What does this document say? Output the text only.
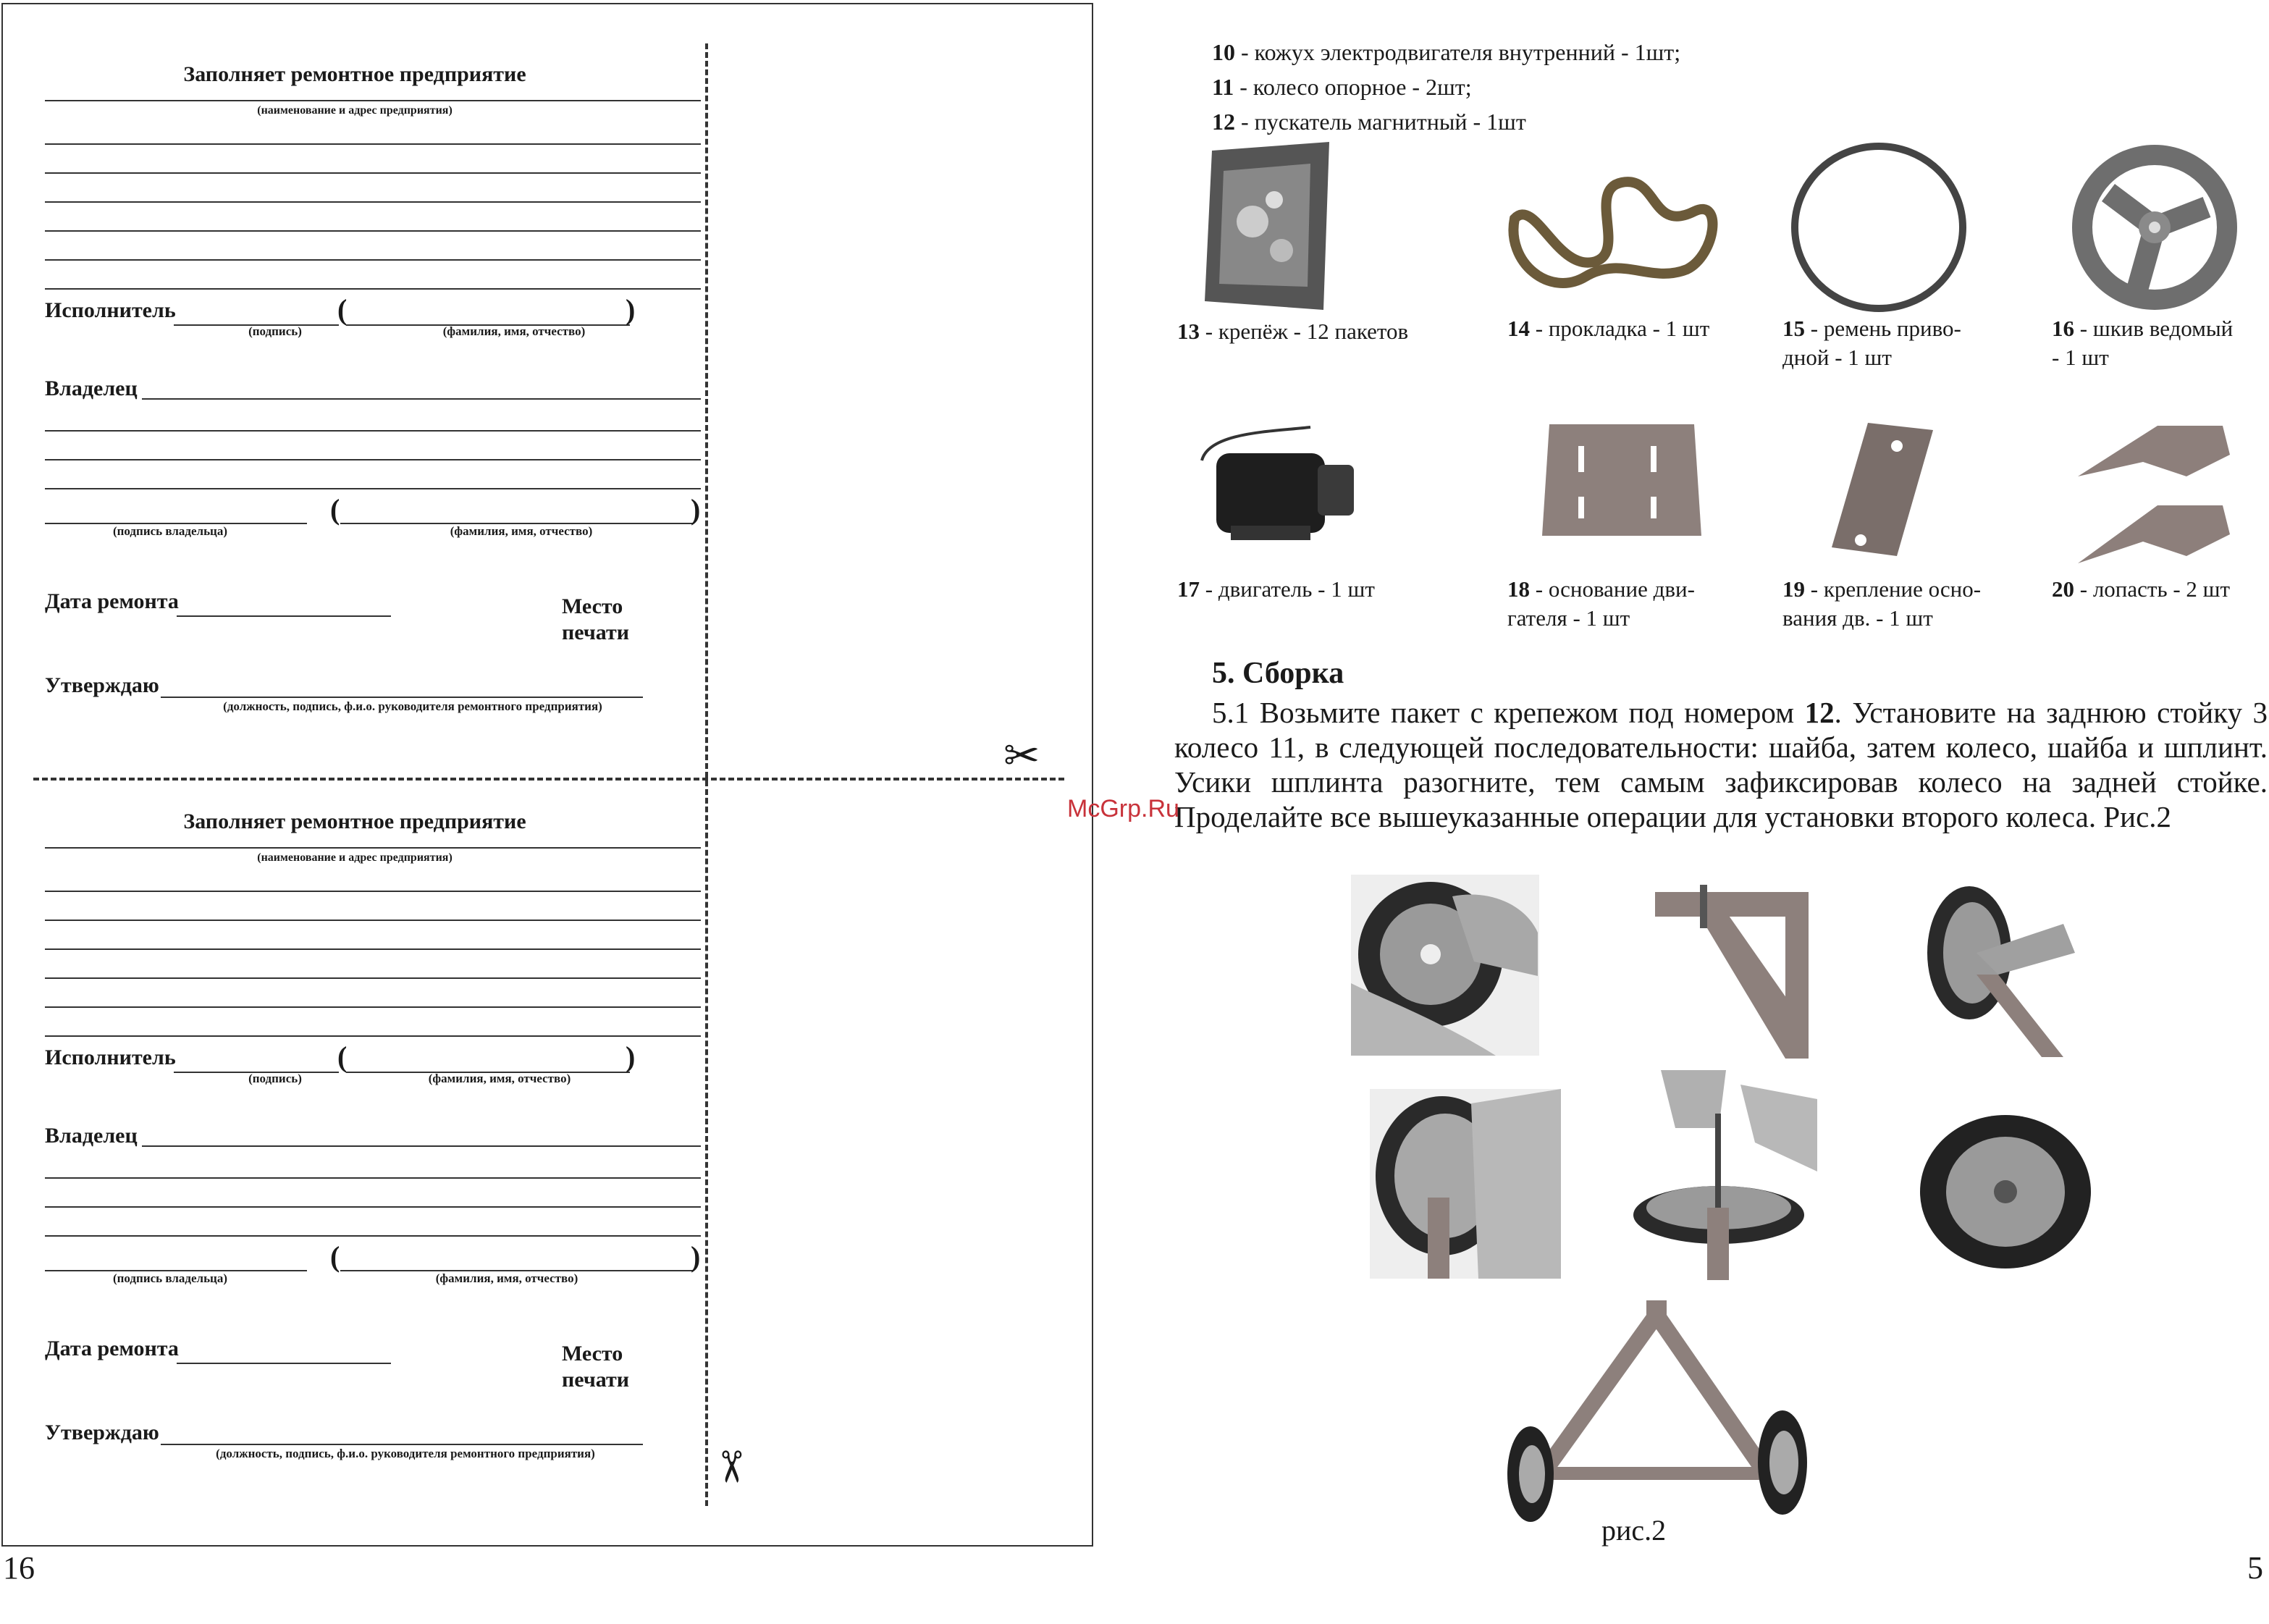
Заполняет ремонтное предприятие
(наименование и адрес предприятия)
Исполнитель	(	)
(подпись)	(фамилия, имя, отчество)
Владелец
(	)
(подпись владельца)	(фамилия, имя, отчество)
Дата ремонта	Место
печати
Утверждаю
(должность, подпись, ф.и.о. руководителя ремонтного предприятия)
✂
Заполняет ремонтное предприятие
(наименование и адрес предприятия)
Исполнитель	(	)
(подпись)	(фамилия, имя, отчество)
Владелец
(	)
(подпись владельца)	(фамилия, имя, отчество)
Дата ремонта	Место
печати
Утверждаю
(должность, подпись, ф.и.о. руководителя ремонтного предприятия)	✂
16
10 - кожух электродвигателя внутренний - 1шт;
11 - колесо опорное - 2шт;
12 - пускатель магнитный - 1шт
13 - крепёж - 12 пакетов	14 - прокладка - 1 шт	15 - ремень приво-
дной - 1 шт
16 - шкив ведомый
- 1 шт
17 - двигатель - 1 шт	18 - основание дви-
гателя - 1 шт
19 - крепление осно-
вания дв. - 1 шт
20 - лопасть - 2 шт
5. Сборка
5.1 Возьмите пакет с крепежом под номером 12. Установите на заднюю стойку 3 колесо 11, в следующей последовательности: шайба, затем колесо, шайба и шплинт. Усики шплинта разогните, тем самым зафиксировав колесо на задней стойке. Проделайте все вышеуказанные операции для установки второго колеса. Рис.2
McGrp.Ru
рис.2
5
